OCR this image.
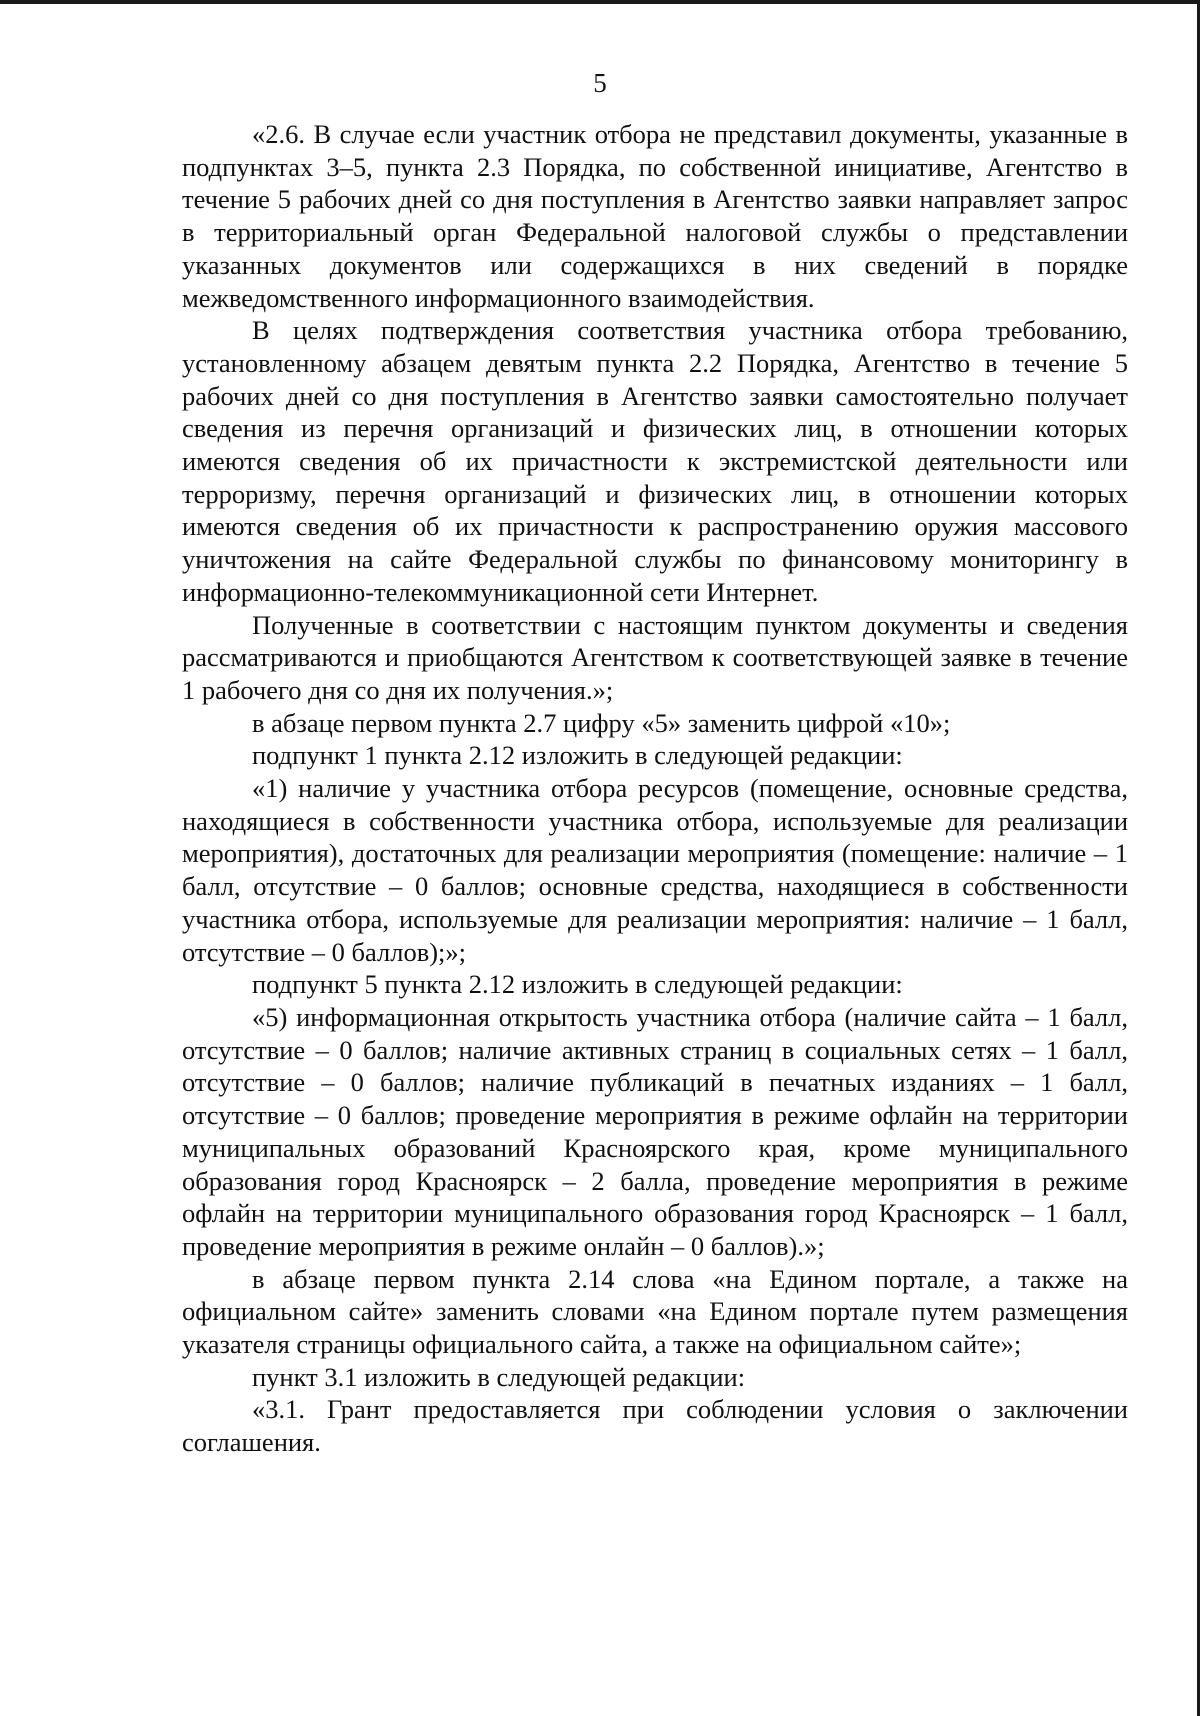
5

«2.6. В случае если участник отбора не представил документы, указанные в подпунктах 3–5, пункта 2.3 Порядка, по собственной инициативе, Агентство в течение 5 рабочих дней со дня поступления в Агентство заявки направляет запрос в территориальный орган Федеральной налоговой службы о представлении указанных документов или содержащихся в них сведений в порядке межведомственного информационного взаимодействия.

В целях подтверждения соответствия участника отбора требованию, установленному абзацем девятым пункта 2.2 Порядка, Агентство в течение 5 рабочих дней со дня поступления в Агентство заявки самостоятельно получает сведения из перечня организаций и физических лиц, в отношении которых имеются сведения об их причастности к экстремистской деятельности или терроризму, перечня организаций и физических лиц, в отношении которых имеются сведения об их причастности к распространению оружия массового уничтожения на сайте Федеральной службы по финансовому мониторингу в информационно-телекоммуникационной сети Интернет.

Полученные в соответствии с настоящим пунктом документы и сведения рассматриваются и приобщаются Агентством к соответствующей заявке в течение 1 рабочего дня со дня их получения.»;

в абзаце первом пункта 2.7 цифру «5» заменить цифрой «10»;

подпункт 1 пункта 2.12 изложить в следующей редакции:

«1) наличие у участника отбора ресурсов (помещение, основные средства, находящиеся в собственности участника отбора, используемые для реализации мероприятия), достаточных для реализации мероприятия (помещение: наличие – 1 балл, отсутствие – 0 баллов; основные средства, находящиеся в собственности участника отбора, используемые для реализации мероприятия: наличие – 1 балл, отсутствие – 0 баллов);»;

подпункт 5 пункта 2.12 изложить в следующей редакции:

«5) информационная открытость участника отбора (наличие сайта – 1 балл, отсутствие – 0 баллов; наличие активных страниц в социальных сетях – 1 балл, отсутствие – 0 баллов; наличие публикаций в печатных изданиях – 1 балл, отсутствие – 0 баллов; проведение мероприятия в режиме офлайн на территории муниципальных образований Красноярского края, кроме муниципального образования город Красноярск – 2 балла, проведение мероприятия в режиме офлайн на территории муниципального образования город Красноярск – 1 балл, проведение мероприятия в режиме онлайн – 0 баллов).»;

в абзаце первом пункта 2.14 слова «на Едином портале, а также на официальном сайте» заменить словами «на Едином портале путем размещения указателя страницы официального сайта, а также на официальном сайте»;

пункт 3.1 изложить в следующей редакции:

«3.1. Грант предоставляется при соблюдении условия о заключении соглашения.
